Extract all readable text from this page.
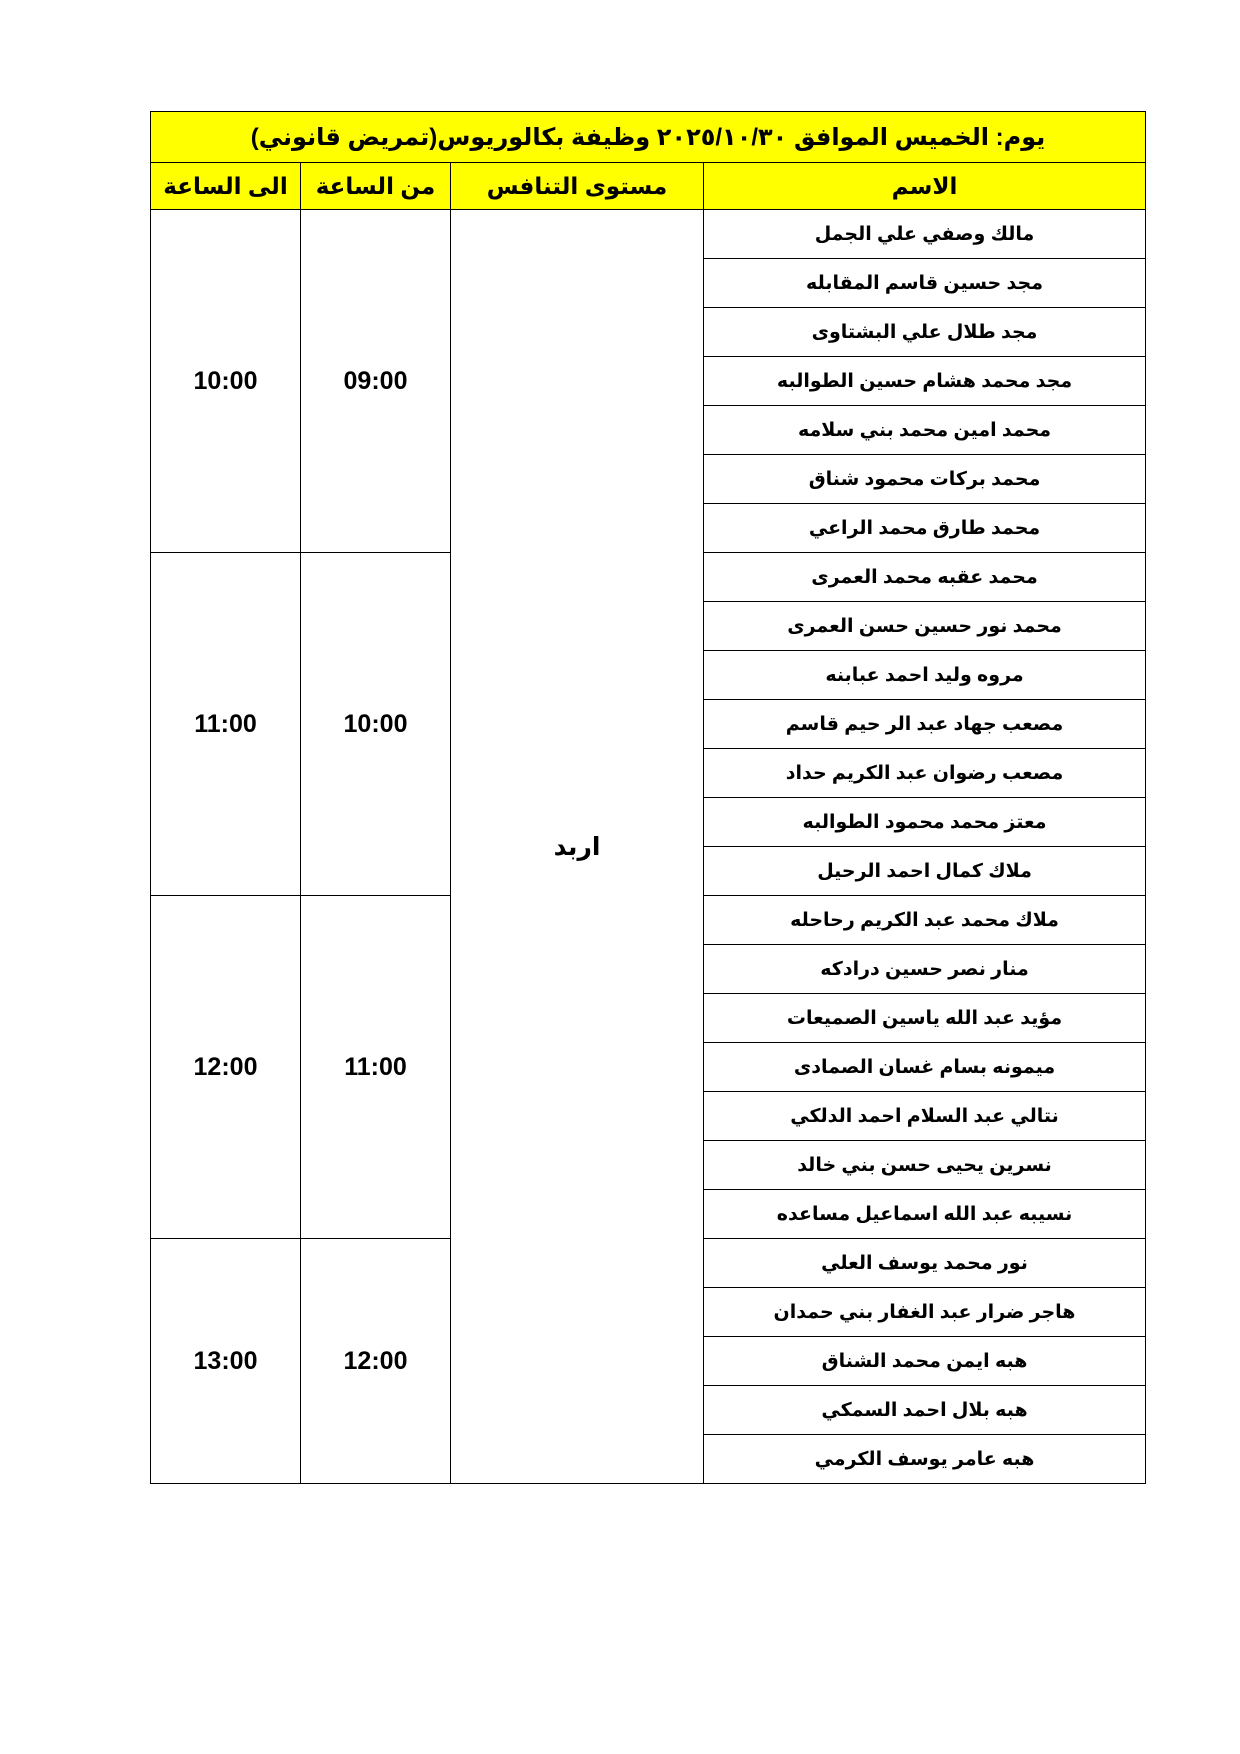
يوم: الخميس الموافق ٢٠٢٥/١٠/٣٠ وظيفة بكالوريوس(تمريض قانوني)			
الاسم	مستوى التنافس	من الساعة	الى الساعة
مالك وصفي علي الجمل	اربد	09:00	10:00
مجد حسين قاسم المقابله			
مجد طلال علي البشتاوى			
مجد محمد هشام حسين الطوالبه			
محمد امين محمد بني سلامه			
محمد بركات محمود شناق			
محمد طارق محمد الراعي			
محمد عقبه محمد العمرى		10:00	11:00
محمد نور حسين حسن العمرى			
مروه وليد احمد عبابنه			
مصعب جهاد عبد الر حيم قاسم			
مصعب رضوان عبد الكريم حداد			
معتز محمد محمود الطوالبه			
ملاك كمال احمد الرحيل			
ملاك محمد عبد الكريم رحاحله		11:00	12:00
منار نصر حسين درادكه			
مؤيد عبد الله ياسين الصميعات			
ميمونه بسام غسان الصمادى			
نتالي عبد السلام احمد الدلكي			
نسرين يحيى حسن بني خالد			
نسيبه عبد الله اسماعيل مساعده			
نور محمد يوسف العلي		12:00	13:00
هاجر ضرار عبد الغفار بني حمدان			
هبه ايمن محمد الشناق			
هبه بلال احمد السمكي			
هبه عامر يوسف الكرمي			
